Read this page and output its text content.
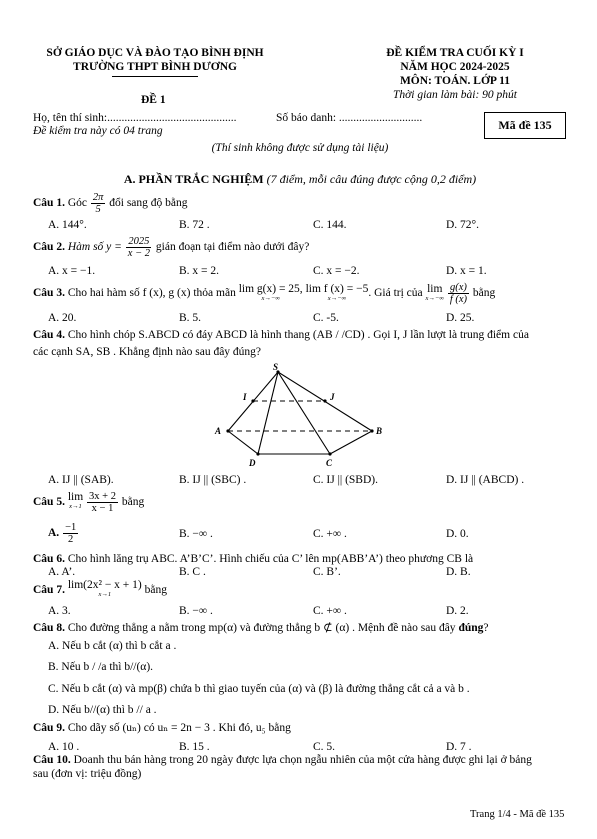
SỞ GIÁO DỤC VÀ ĐÀO TẠO BÌNH ĐỊNH
TRƯỜNG THPT BÌNH DƯƠNG
ĐỀ 1
ĐỀ KIỂM TRA CUỐI KỲ I
NĂM HỌC 2024-2025
MÔN: TOÁN. LỚP 11
Thời gian làm bài: 90 phút
Họ, tên thí sinh:.............................................	Số báo danh: .............................
Đề kiểm tra này có 04 trang	Mã đề 135
(Thí sinh không được sử dụng tài liệu)
A. PHẦN TRẮC NGHIỆM (7 điểm, mỗi câu đúng được cộng 0,2 điểm)
Câu 1. Góc $\frac{2\pi}{5}$ đổi sang độ bằng
A. 144°.	B. 72 .	C. 144.	D. 72°.
Câu 2. Hàm số $y = \frac{2025}{x - 2}$ gián đoạn tại điểm nào dưới đây?
A. x = −1.	B. x = 2.	C. x = −2.	D. x = 1.
Câu 3. Cho hai hàm số f (x), g (x) thỏa mãn lim g(x) = 25,
x→−∞

lim f (x) = −5
x→−∞ . Giá trị của lim
x→−∞
$\frac{g(x)}{f (x)}$ bằng
A. 20.	B. 5.	C. -5.	D. 25.
Câu 4. Cho hình chóp S.ABCD có đáy ABCD là hình thang (AB / /CD) . Gọi I, J lần lượt là trung điểm của
các cạnh SA, SB . Khẳng định nào sau đây đúng?
S
I	J
A	B
D	C
A. IJ || (SAB).	B. IJ || (SBC) .	C. IJ || (SBD).	D. IJ || (ABCD) .
Câu 5. lim
x→1
$\frac{3x + 2}{x - 1}$ bằng
A. $\frac{-1}{2}$	B. −∞ .	C. +∞ .	D. 0.
Câu 6. Cho hình lăng trụ ABC. A’B’C’. Hình chiếu của C’ lên mp(ABB’A’) theo phương CB là
A. A’.	B. C .	C. B’.	D. B.
Câu 7. lim(2x² − x + 1)
x→1	bằng
A. 3.	B. −∞ .	C. +∞ .	D. 2.
Câu 8. Cho đường thẳng a nằm trong mp(α) và đường thẳng b ⊄ (α) . Mệnh đề nào sau đây đúng?
A. Nếu b cắt (α) thì b cắt a .
B. Nếu b / /a thì b//(α).
C. Nếu b cắt (α) và mp(β) chứa b thì giao tuyến của (α) và (β) là đường thẳng cắt cả a và b .
D. Nếu b//(α) thì b // a .
Câu 9. Cho dãy số (uₙ) có uₙ = 2n − 3 . Khi đó, u₅ bằng
A. 10 .	B. 15 .	C. 5.	D. 7 .
Câu 10. Doanh thu bán hàng trong 20 ngày được lựa chọn ngẫu nhiên của một cửa hàng được ghi lại ở bảng
sau (đơn vị: triệu đồng)
Trang 1/4 - Mã đề 135
